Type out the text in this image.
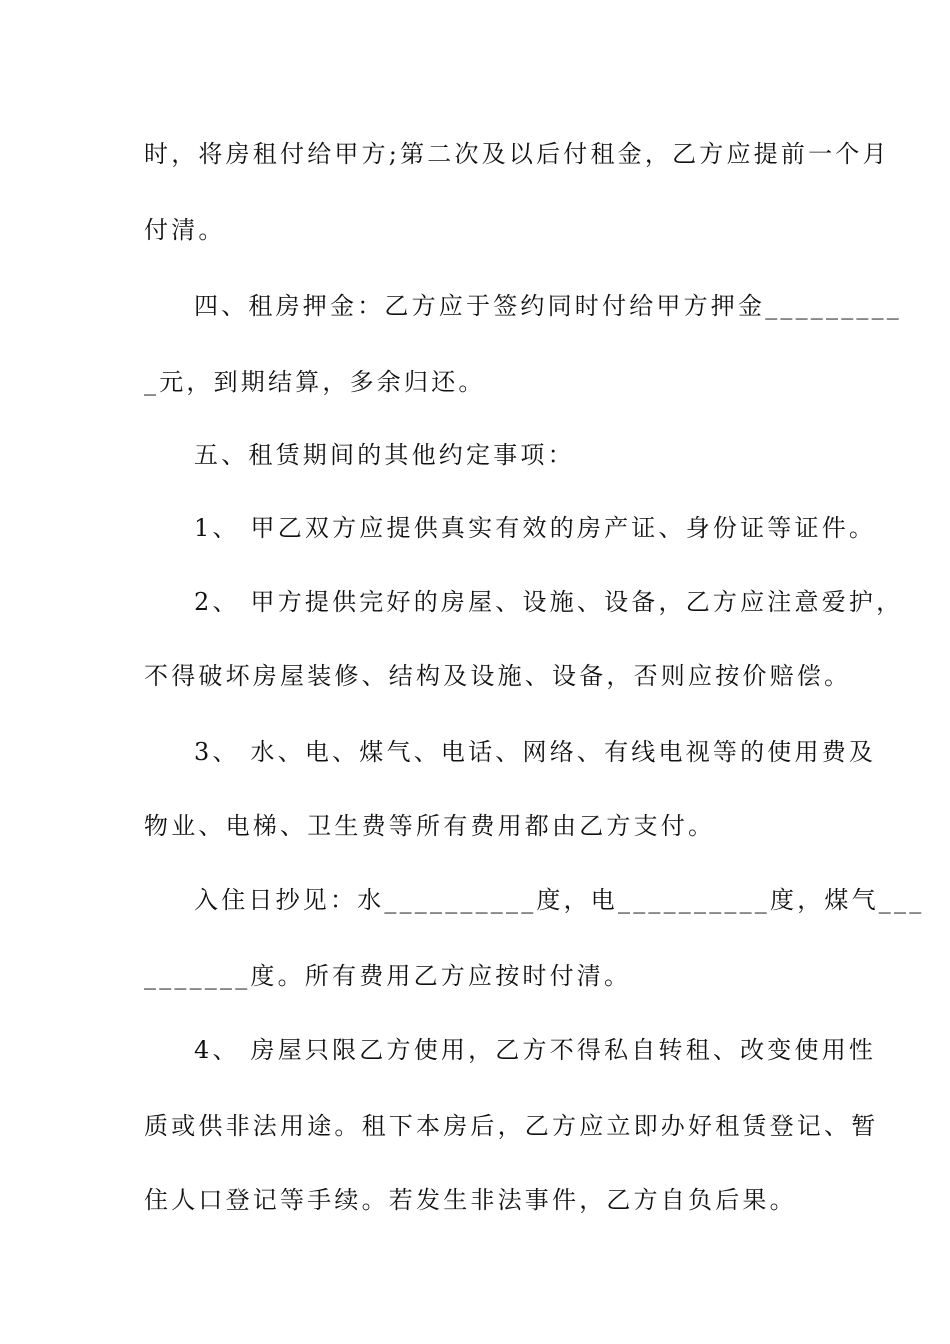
时，将房租付给甲方;第二次及以后付租金，乙方应提前一个月
付清。
四、租房押金：乙方应于签约同时付给甲方押金_________
_元，到期结算，多余归还。
五、租赁期间的其他约定事项：
1、 甲乙双方应提供真实有效的房产证、身份证等证件。
2、 甲方提供完好的房屋、设施、设备，乙方应注意爱护，
不得破坏房屋装修、结构及设施、设备，否则应按价赔偿。
3、 水、电、煤气、电话、网络、有线电视等的使用费及
物业、电梯、卫生费等所有费用都由乙方支付。
入住日抄见：水__________度，电__________度，煤气___
_______度。所有费用乙方应按时付清。
4、 房屋只限乙方使用，乙方不得私自转租、改变使用性
质或供非法用途。租下本房后，乙方应立即办好租赁登记、暂
住人口登记等手续。若发生非法事件，乙方自负后果。
